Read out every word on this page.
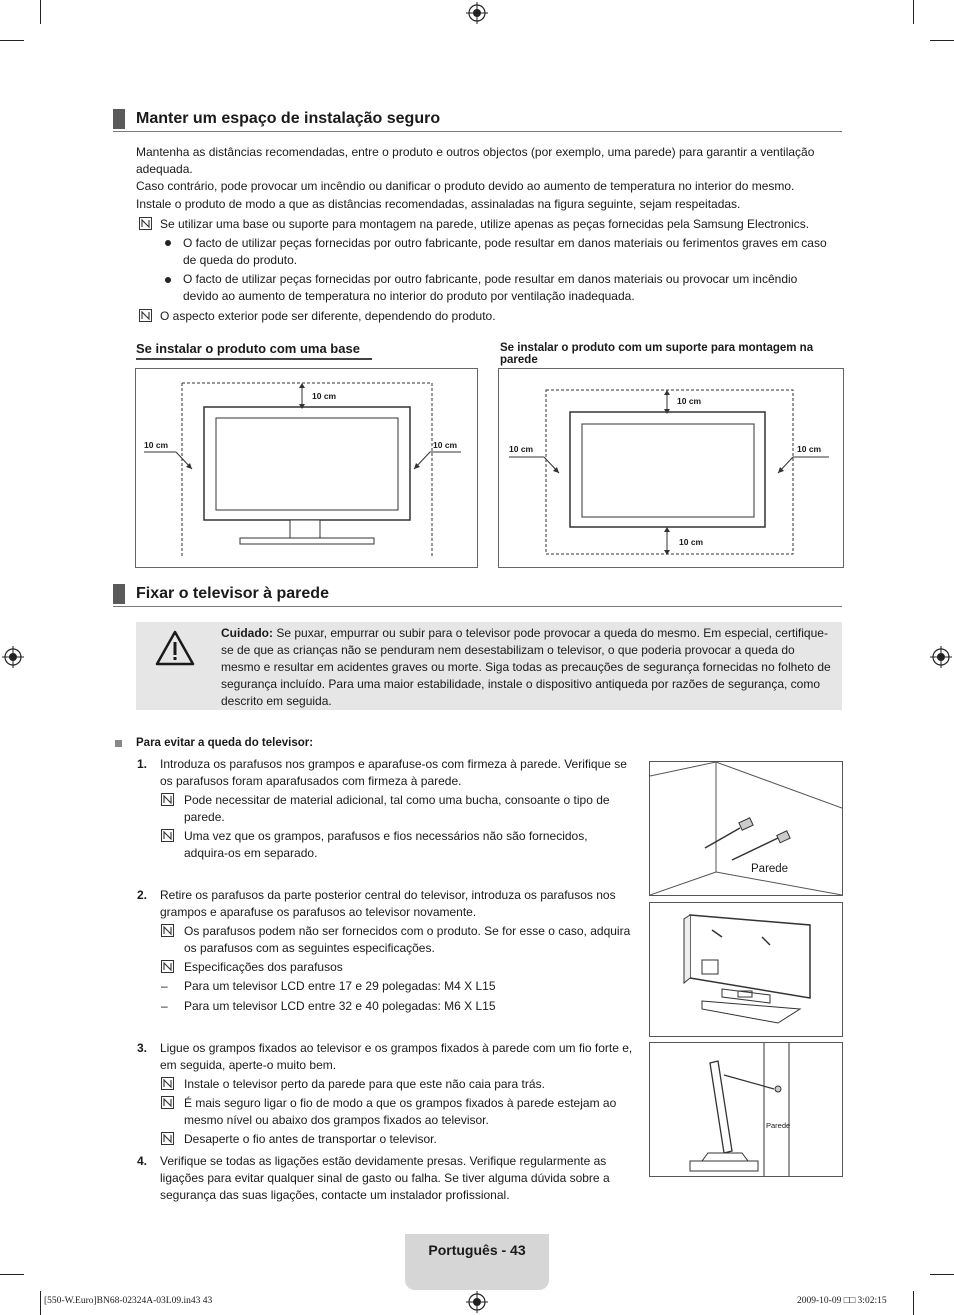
Manter um espaço de instalação seguro
Mantenha as distâncias recomendadas, entre o produto e outros objectos (por exemplo, uma parede) para garantir a ventilação adequada.
Caso contrário, pode provocar um incêndio ou danificar o produto devido ao aumento de temperatura no interior do mesmo.
Instale o produto de modo a que as distâncias recomendadas, assinaladas na figura seguinte, sejam respeitadas.
Se utilizar uma base ou suporte para montagem na parede, utilize apenas as peças fornecidas pela Samsung Electronics.
O facto de utilizar peças fornecidas por outro fabricante, pode resultar em danos materiais ou ferimentos graves em caso de queda do produto.
O facto de utilizar peças fornecidas por outro fabricante, pode resultar em danos materiais ou provocar um incêndio devido ao aumento de temperatura no interior do produto por ventilação inadequada.
O aspecto exterior pode ser diferente, dependendo do produto.
Se instalar o produto com uma base	Se instalar o produto com um suporte para montagem na parede
10 cm
10 cm	10 cm
10 cm
10 cm	10 cm
10 cm
Fixar o televisor à parede
Cuidado: Se puxar, empurrar ou subir para o televisor pode provocar a queda do mesmo. Em especial, certifique-se de que as crianças não se penduram nem desestabilizam o televisor, o que poderia provocar a queda do mesmo e resultar em acidentes graves ou morte. Siga todas as precauções de segurança fornecidas no folheto de segurança incluído. Para uma maior estabilidade, instale o dispositivo antiqueda por razões de segurança, como descrito em seguida.
Para evitar a queda do televisor:
1. Introduza os parafusos nos grampos e aparafuse-os com firmeza à parede. Verifique se os parafusos foram aparafusados com firmeza à parede.
Pode necessitar de material adicional, tal como uma bucha, consoante o tipo de parede.
Uma vez que os grampos, parafusos e fios necessários não são fornecidos, adquira-os em separado.
2. Retire os parafusos da parte posterior central do televisor, introduza os parafusos nos grampos e aparafuse os parafusos ao televisor novamente.
Os parafusos podem não ser fornecidos com o produto. Se for esse o caso, adquira os parafusos com as seguintes especificações.
Especificações dos parafusos
– Para um televisor LCD entre 17 e 29 polegadas: M4 X L15
– Para um televisor LCD entre 32 e 40 polegadas: M6 X L15
3. Ligue os grampos fixados ao televisor e os grampos fixados à parede com um fio forte e, em seguida, aperte-o muito bem.
Instale o televisor perto da parede para que este não caia para trás.
É mais seguro ligar o fio de modo a que os grampos fixados à parede estejam ao mesmo nível ou abaixo dos grampos fixados ao televisor.
Desaperte o fio antes de transportar o televisor.
4. Verifique se todas as ligações estão devidamente presas. Verifique regularmente as ligações para evitar qualquer sinal de gasto ou falha. Se tiver alguma dúvida sobre a segurança das suas ligações, contacte um instalador profissional.
Parede
Parede
Português - 43
[550-W.Euro]BN68-02324A-03L09.in43 43	2009-10-09 □□ 3:02:15
